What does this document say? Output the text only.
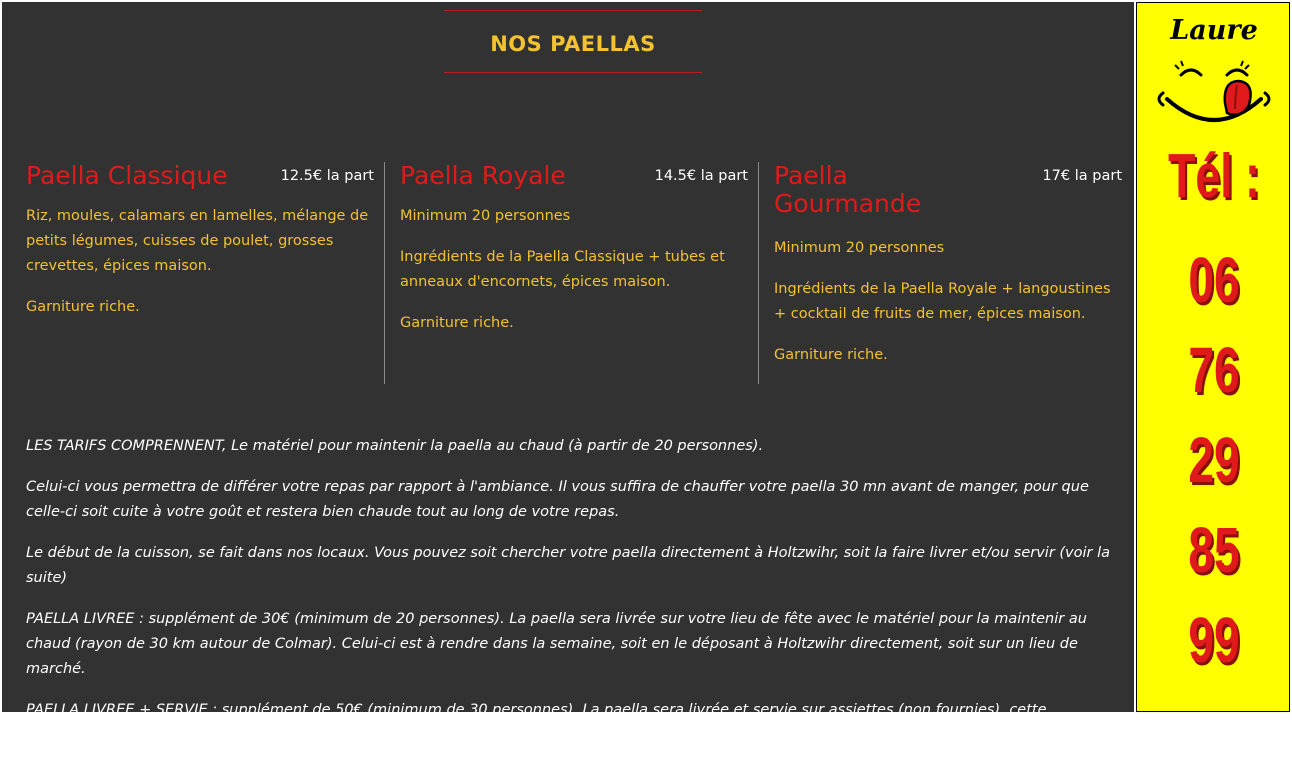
NOS PAELLAS
Paella Classique	12.5€ la part

Riz, moules, calamars en lamelles, mélange de petits légumes, cuisses de poulet, grosses crevettes, épices maison.

Garniture riche.

Paella Royale	14.5€ la part

Minimum 20 personnes

Ingrédients de la Paella Classique + tubes et anneaux d'encornets, épices maison.

Garniture riche.

Paella Gourmande
17€ la part

Minimum 20 personnes

Ingrédients de la Paella Royale + langoustines + cocktail de fruits de mer, épices maison.

Garniture riche.

LES TARIFS COMPRENNENT, Le matériel pour maintenir la paella au chaud (à partir de 20 personnes).

Celui-ci vous permettra de différer votre repas par rapport à l'ambiance. Il vous suffira de chauffer votre paella 30 mn avant de manger, pour que celle-ci soit cuite à votre goût et restera bien chaude tout au long de votre repas.

Le début de la cuisson, se fait dans nos locaux. Vous pouvez soit chercher votre paella directement à Holtzwihr, soit la faire livrer et/ou servir (voir la suite)

PAELLA LIVREE : supplément de 30€ (minimum de 20 personnes). La paella sera livrée sur votre lieu de fête avec le matériel pour la maintenir au chaud (rayon de 30 km autour de Colmar). Celui-ci est à rendre dans la semaine, soit en le déposant à Holtzwihr directement, soit sur un lieu de marché.

PAELLA LIVREE + SERVIE : supplément de 50€ (minimum de 30 personnes). La paella sera livrée et servie sur assiettes (non fournies). cette prestation n'a pas de limitation de kilométrage

Laure
Tél :
06
76
29
85
99
